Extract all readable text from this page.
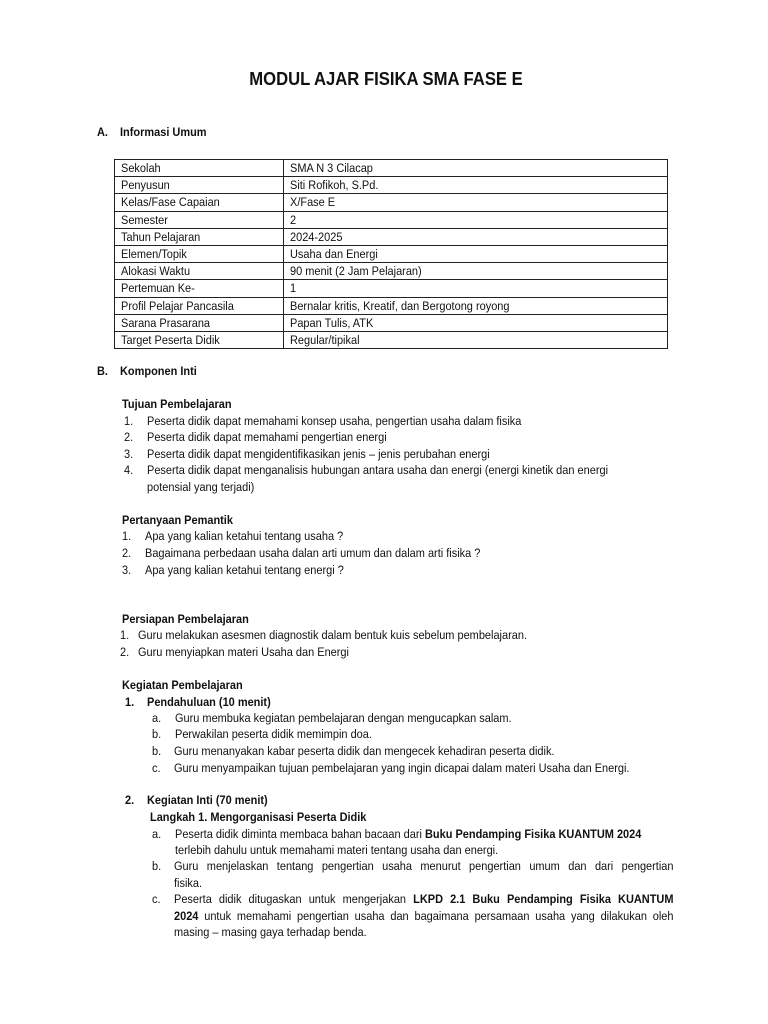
MODUL AJAR FISIKA SMA FASE E
A. Informasi Umum
Sekolah	SMA N 3 Cilacap
Penyusun	Siti Rofikoh, S.Pd.
Kelas/Fase Capaian	X/Fase E
Semester	2
Tahun Pelajaran	2024-2025
Elemen/Topik	Usaha dan Energi
Alokasi Waktu	90 menit (2 Jam Pelajaran)
Pertemuan Ke-	1
Profil Pelajar Pancasila	Bernalar kritis, Kreatif, dan Bergotong royong
Sarana Prasarana	Papan Tulis, ATK
Target Peserta Didik	Regular/tipikal
B. Komponen Inti
Tujuan Pembelajaran
1. Peserta didik dapat memahami konsep usaha, pengertian usaha dalam fisika
2. Peserta didik dapat memahami pengertian energi
3. Peserta didik dapat mengidentifikasikan jenis – jenis perubahan energi
4. Peserta didik dapat menganalisis hubungan antara usaha dan energi (energi kinetik dan energi
potensial yang terjadi)
Pertanyaan Pemantik
1. Apa yang kalian ketahui tentang usaha ?
2. Bagaimana perbedaan usaha dalan arti umum dan dalam arti fisika ?
3. Apa yang kalian ketahui tentang energi ?
Persiapan Pembelajaran
1. Guru melakukan asesmen diagnostik dalam bentuk kuis sebelum pembelajaran.
2. Guru menyiapkan materi Usaha dan Energi
Kegiatan Pembelajaran
1. Pendahuluan (10 menit)
a. Guru membuka kegiatan pembelajaran dengan mengucapkan salam.
b. Perwakilan peserta didik memimpin doa.
b. Guru menanyakan kabar peserta didik dan mengecek kehadiran peserta didik.
c. Guru menyampaikan tujuan pembelajaran yang ingin dicapai dalam materi Usaha dan Energi.
2. Kegiatan Inti (70 menit)
Langkah 1. Mengorganisasi Peserta Didik
a. Peserta didik diminta membaca bahan bacaan dari Buku Pendamping Fisika KUANTUM 2024
terlebih dahulu untuk memahami materi tentang usaha dan energi.
b. Guru menjelaskan tentang pengertian usaha menurut pengertian umum dan dari pengertian
fisika.
c. Peserta didik ditugaskan untuk mengerjakan LKPD 2.1 Buku Pendamping Fisika KUANTUM
2024 untuk memahami pengertian usaha dan bagaimana persamaan usaha yang dilakukan oleh
masing – masing gaya terhadap benda.
